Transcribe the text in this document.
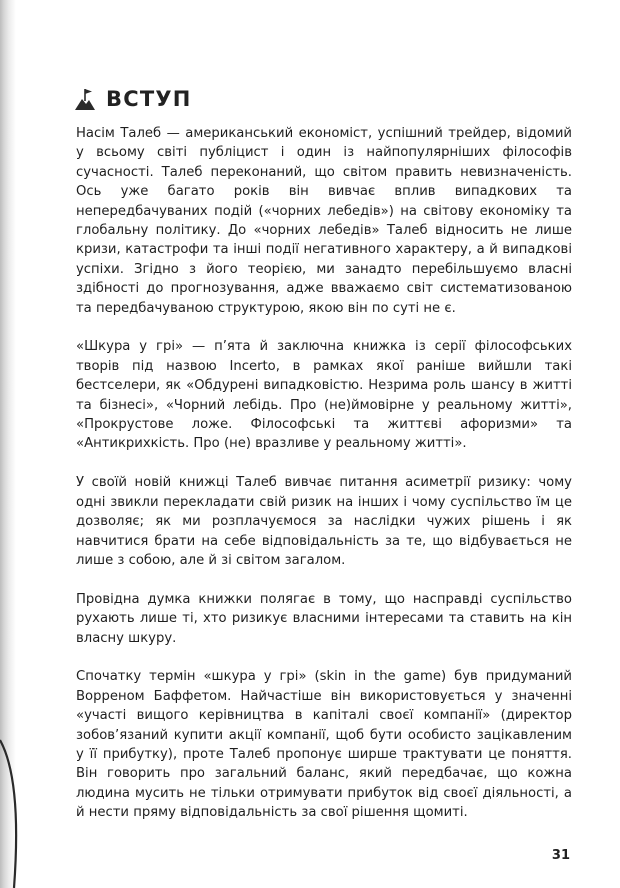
ВСТУП

Насім Талеб — американський економіст, успішний трейдер, відомий у всьому світі публіцист і один із найпопулярніших філософів сучасності. Талеб переконаний, що світом править невизначеність. Ось уже багато років він вивчає вплив випадкових та непередбачуваних подій («чорних лебедів») на світову економіку та глобальну політику. До «чорних лебедів» Талеб відносить не лише кризи, катастрофи та інші події негативного характеру, а й випадкові успіхи. Згідно з його теорією, ми занадто перебільшуємо власні здібності до прогнозування, адже вважаємо світ систематизованою та передбачуваною структурою, якою він по суті не є.

«Шкура у грі» — п’ята й заключна книжка із серії філософських творів під назвою Incerto, в рамках якої раніше вийшли такі бестселери, як «Обдурені випадковістю. Незрима роль шансу в житті та бізнесі», «Чорний лебідь. Про (не)ймовірне у реальному житті», «Прокрустове ложе. Філософські та життєві афоризми» та «Антикрихкість. Про (не) вразливе у реальному житті».

У своїй новій книжці Талеб вивчає питання асиметрії ризику: чому одні звикли перекладати свій ризик на інших і чому суспільство їм це дозволяє; як ми розплачуємося за наслідки чужих рішень і як навчитися брати на себе відповідальність за те, що відбувається не лише з собою, але й зі світом загалом.

Провідна думка книжки полягає в тому, що насправді суспільство рухають лише ті, хто ризикує власними інтересами та ставить на кін власну шкуру.

Спочатку термін «шкура у грі» (skin in the game) був придуманий Ворреном Баффетом. Найчастіше він використовується у значенні «участі вищого керівництва в капіталі своєї компанії» (директор зобов’язаний купити акції компанії, щоб бути особисто зацікавленим у її прибутку), проте Талеб пропонує ширше трактувати це поняття. Він говорить про загальний баланс, який передбачає, що кожна людина мусить не тільки отримувати прибуток від своєї діяльності, а й нести пряму відповідальність за свої рішення щомиті.

31
